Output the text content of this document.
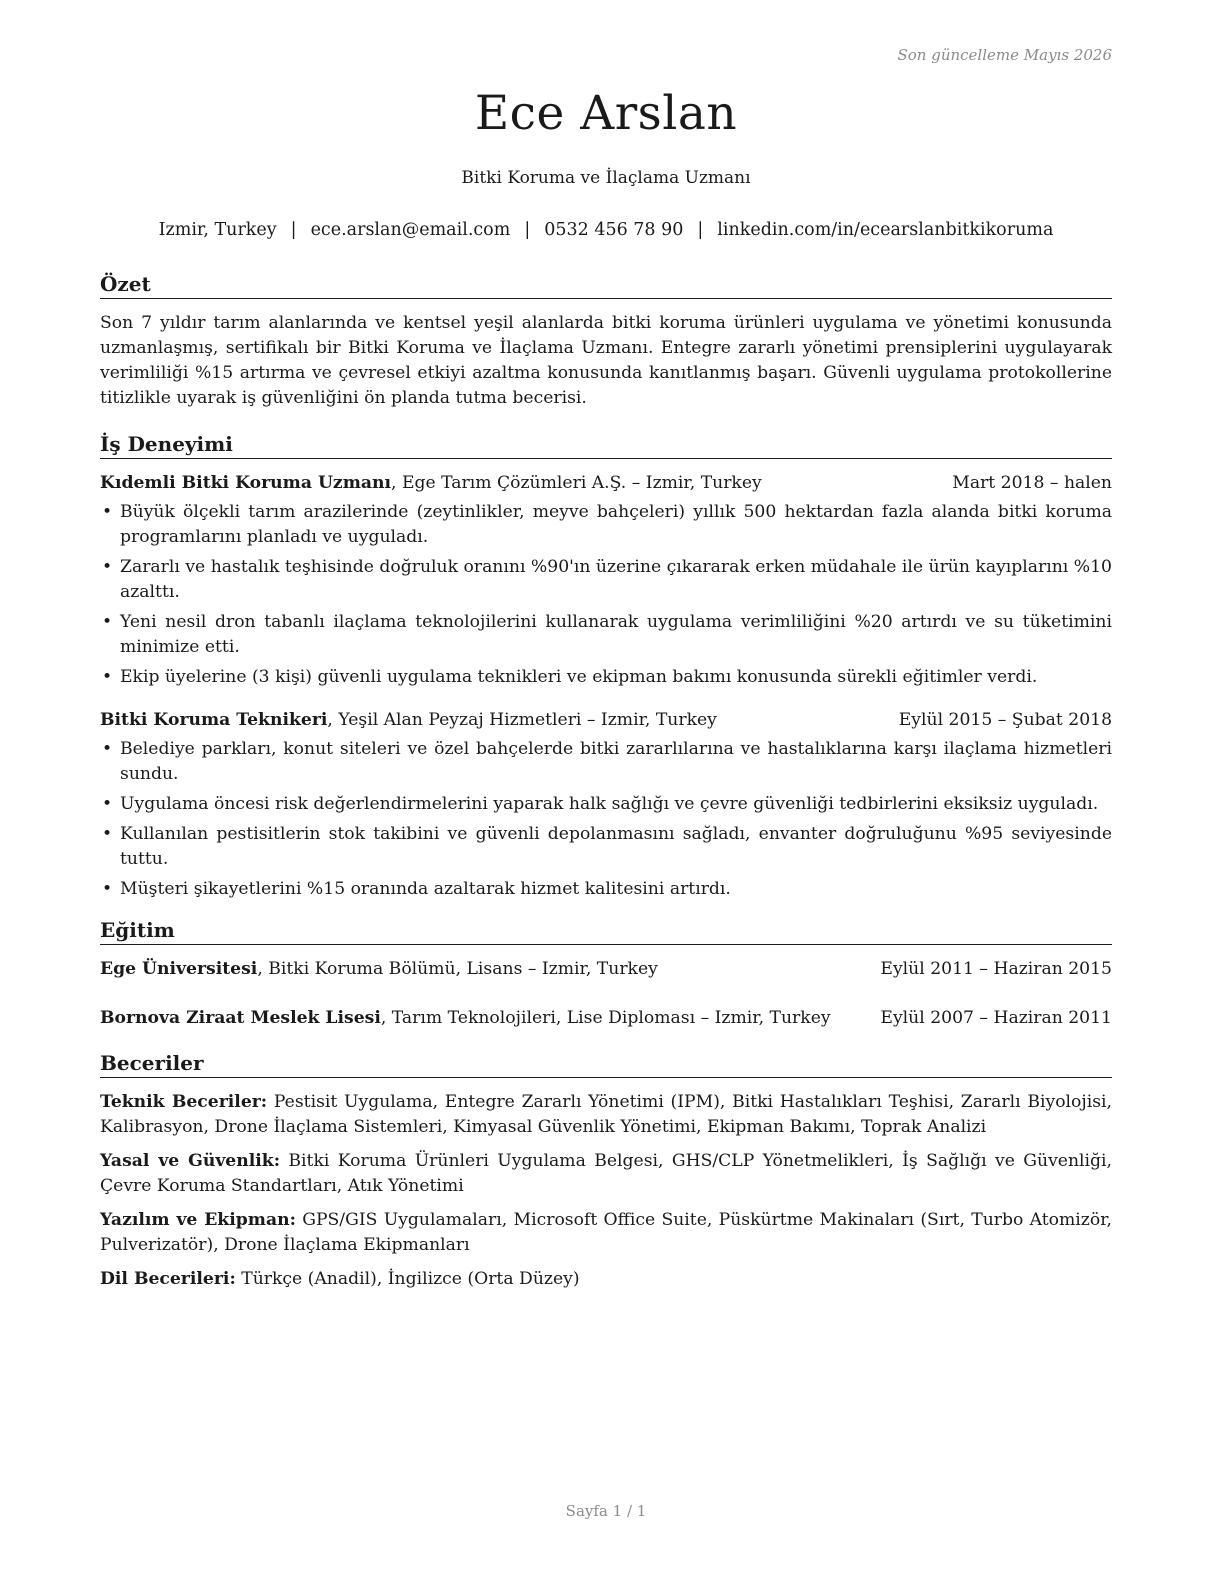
Son güncelleme Mayıs 2026
Ece Arslan
Bitki Koruma ve İlaçlama Uzmanı
Izmir, Turkey | ece.arslan@email.com | 0532 456 78 90 | linkedin.com/in/ecearslanbitkikoruma
Özet

Son 7 yıldır tarım alanlarında ve kentsel yeşil alanlarda bitki koruma ürünleri uygulama ve yönetimi konusunda uzmanlaşmış, sertifikalı bir Bitki Koruma ve İlaçlama Uzmanı. Entegre zararlı yönetimi prensiplerini uygulayarak verimliliği %15 artırma ve çevresel etkiyi azaltma konusunda kanıtlanmış başarı. Güvenli uygulama protokollerine titizlikle uyarak iş güvenliğini ön planda tutma becerisi.

İş Deneyimi
Kıdemli Bitki Koruma Uzmanı, Ege Tarım Çözümleri A.Ş. – Izmir, Turkey	Mart 2018 – halen
• Büyük ölçekli tarım arazilerinde (zeytinlikler, meyve bahçeleri) yıllık 500 hektardan fazla alanda bitki koruma programlarını planladı ve uyguladı.
• Zararlı ve hastalık teşhisinde doğruluk oranını %90'ın üzerine çıkararak erken müdahale ile ürün kayıplarını %10 azalttı.
• Yeni nesil dron tabanlı ilaçlama teknolojilerini kullanarak uygulama verimliliğini %20 artırdı ve su tüketimini minimize etti.
• Ekip üyelerine (3 kişi) güvenli uygulama teknikleri ve ekipman bakımı konusunda sürekli eğitimler verdi.
Bitki Koruma Teknikeri, Yeşil Alan Peyzaj Hizmetleri – Izmir, Turkey	Eylül 2015 – Şubat 2018
• Belediye parkları, konut siteleri ve özel bahçelerde bitki zararlılarına ve hastalıklarına karşı ilaçlama hizmetleri sundu.
• Uygulama öncesi risk değerlendirmelerini yaparak halk sağlığı ve çevre güvenliği tedbirlerini eksiksiz uyguladı.
• Kullanılan pestisitlerin stok takibini ve güvenli depolanmasını sağladı, envanter doğruluğunu %95 seviyesinde tuttu.
• Müşteri şikayetlerini %15 oranında azaltarak hizmet kalitesini artırdı.
Eğitim
Ege Üniversitesi, Bitki Koruma Bölümü, Lisans – Izmir, Turkey	Eylül 2011 – Haziran 2015
Bornova Ziraat Meslek Lisesi, Tarım Teknolojileri, Lise Diploması – Izmir, Turkey	Eylül 2007 – Haziran 2011
Beceriler

Teknik Beceriler: Pestisit Uygulama, Entegre Zararlı Yönetimi (IPM), Bitki Hastalıkları Teşhisi, Zararlı Biyolojisi, Kalibrasyon, Drone İlaçlama Sistemleri, Kimyasal Güvenlik Yönetimi, Ekipman Bakımı, Toprak Analizi

Yasal ve Güvenlik: Bitki Koruma Ürünleri Uygulama Belgesi, GHS/CLP Yönetmelikleri, İş Sağlığı ve Güvenliği, Çevre Koruma Standartları, Atık Yönetimi

Yazılım ve Ekipman: GPS/GIS Uygulamaları, Microsoft Office Suite, Püskürtme Makinaları (Sırt, Turbo Atomizör, Pulverizatör), Drone İlaçlama Ekipmanları

Dil Becerileri: Türkçe (Anadil), İngilizce (Orta Düzey)

Sayfa 1 / 1
